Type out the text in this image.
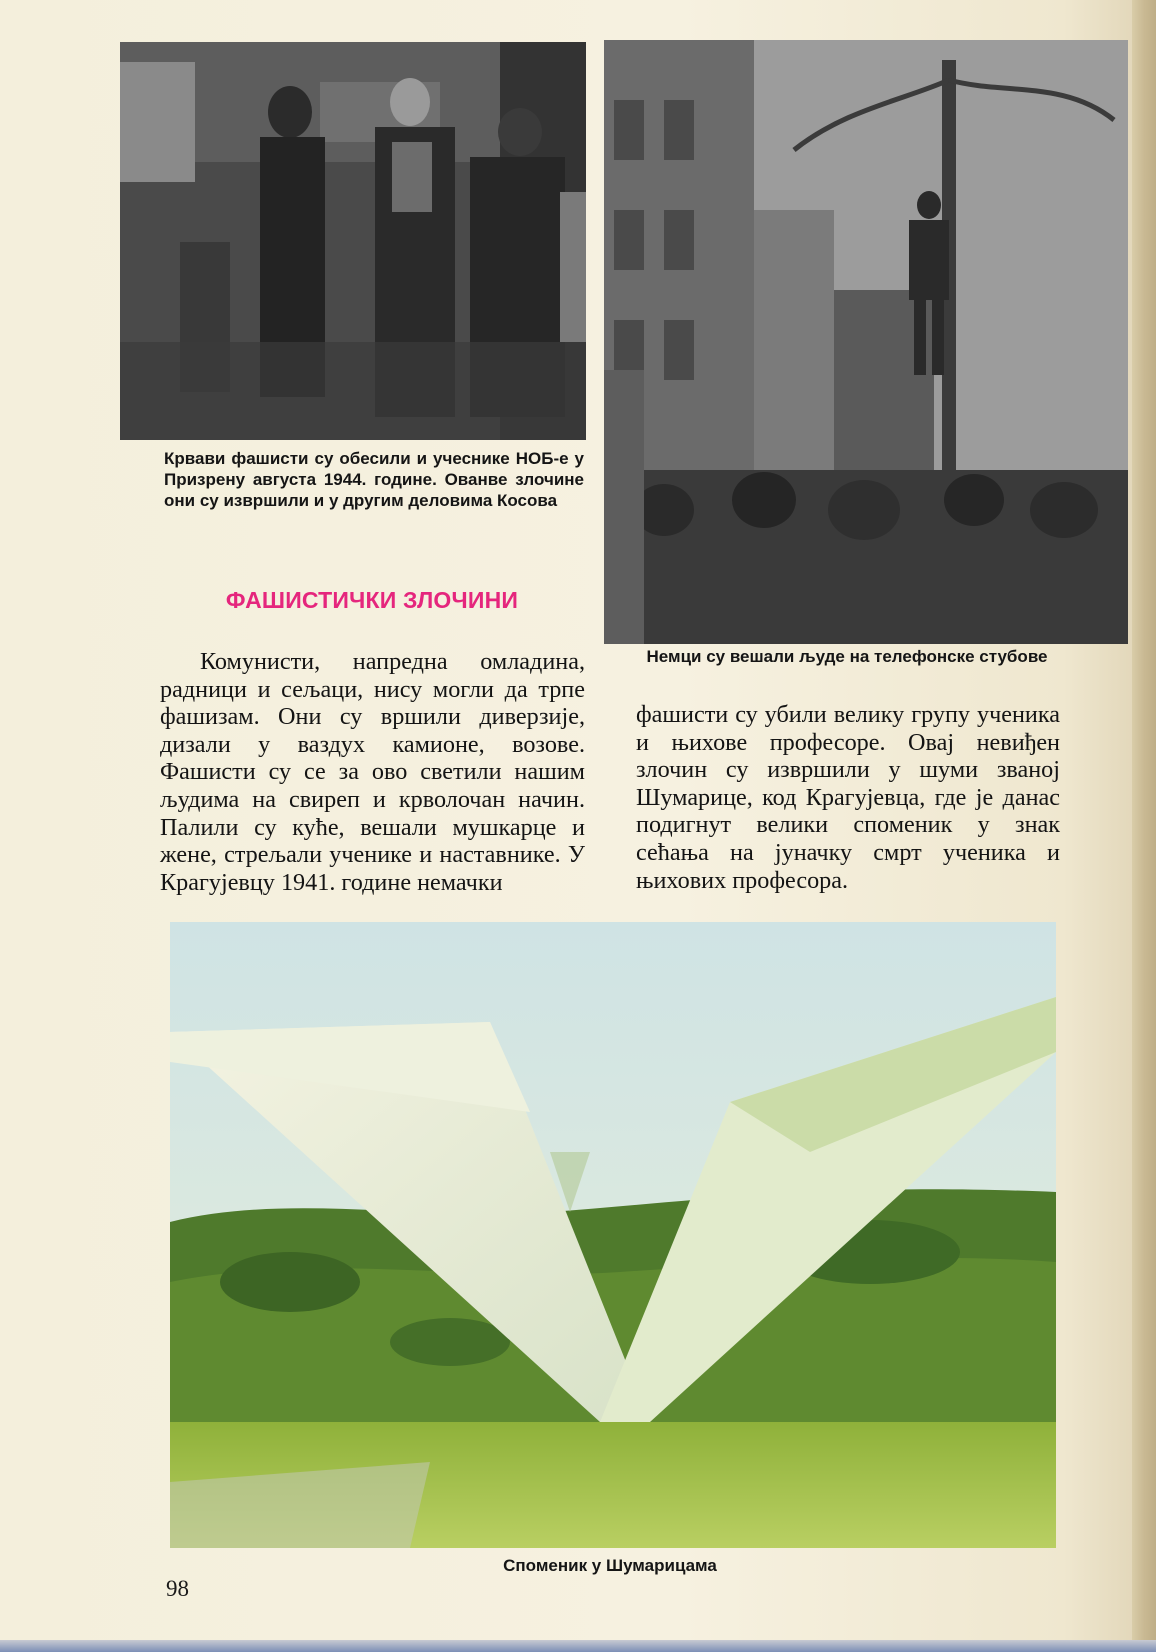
Крвави фашисти су обесили и учеснике НОБ-е у Призрену августа 1944. године. Ованве злочине они су извршили и у другим деловима Косова
ФАШИСТИЧКИ ЗЛОЧИНИ

Комунисти, напредна омладина, радници и сељаци, нису могли да трпе фашизам. Они су вршили диверзије, дизали у ваздух камионе, возове. Фашисти су се за ово светили нашим људима на свиреп и крволочан начин. Палили су куће, вешали мушкарце и жене, стрељали ученике и наставнике. У Крагујевцу 1941. године немачки

Немци су вешали људе на телефонске стубове

фашисти су убили велику групу ученика и њихове професоре. Овај невиђен злочин су извршили у шуми званој Шумарице, код Крагујевца, где је данас подигнут велики споменик у знак сећања на јуначку смрт ученика и њихових професора.

Споменик у Шумарицама
98
